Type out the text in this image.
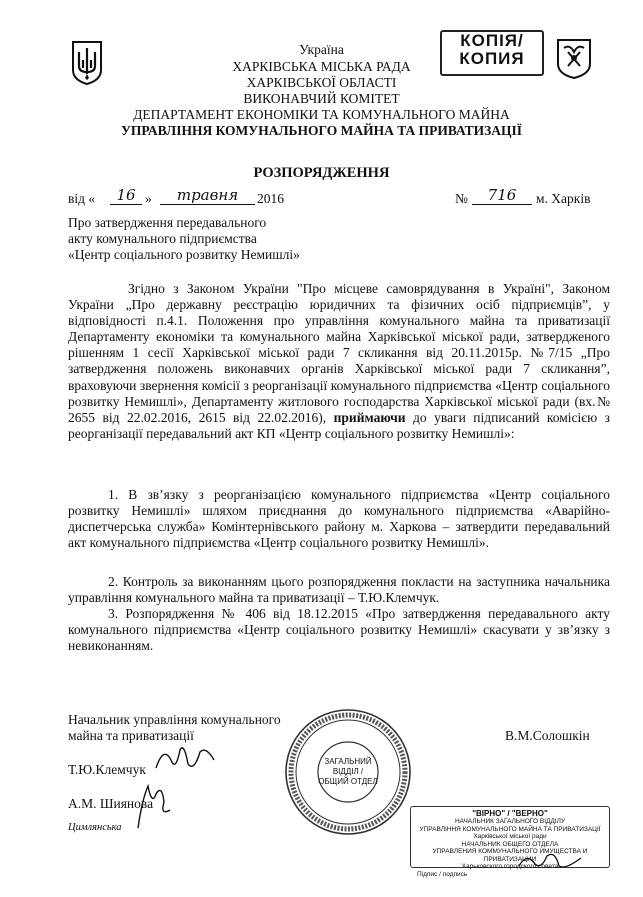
Україна
ХАРКІВСЬКА МІСЬКА РАДА
ХАРКІВСЬКОЇ ОБЛАСТІ
ВИКОНАВЧИЙ КОМІТЕТ
ДЕПАРТАМЕНТ ЕКОНОМІКИ ТА КОМУНАЛЬНОГО МАЙНА
УПРАВЛІННЯ КОМУНАЛЬНОГО МАЙНА ТА ПРИВАТИЗАЦІЇ
КОПІЯ/
КОПИЯ
РОЗПОРЯДЖЕННЯ
від «	16 »	травня	2016	№	716	м. Харків
Про затвердження передавального
акту комунального підприємства
«Центр соціального розвитку Немишлі»
Згідно з Законом України "Про місцеве самоврядування в Україні", Законом України „Про державну реєстрацію юридичних та фізичних осіб підприємців”, у відповідності п.4.1. Положення про управління комунального майна та приватизації Департаменту економіки та комунального майна Харківської міської ради, затвердженого рішенням 1 сесії Харківської міської ради 7 скликання від 20.11.2015р. №7/15 „Про затвердження положень виконавчих органів Харківської міської ради 7 скликання”, враховуючи звернення комісії з реорганізації комунального підприємства «Центр соціального розвитку Немишлі», Департаменту житлового господарства Харківської міської ради (вх.№ 2655 від 22.02.2016, 2615 від 22.02.2016), приймаючи до уваги підписаний комісією з реорганізації передавальний акт КП «Центр соціального розвитку Немишлі»:
1. В зв’язку з реорганізацією комунального підприємства «Центр соціального розвитку Немишлі» шляхом приєднання до комунального підприємства «Аварійно-диспетчерська служба» Комінтернівського району м. Харкова – затвердити передавальний акт комунального підприємства «Центр соціального розвитку Немишлі».
2. Контроль за виконанням цього розпорядження покласти на заступника начальника управління комунального майна та приватизації – Т.Ю.Клемчук.
3. Розпорядження № 406 від 18.12.2015 «Про затвердження передавального акту комунального підприємства «Центр соціального розвитку Немишлі» скасувати у зв’язку з невиконанням.
Начальник управління комунального
майна та приватизації	В.М.Солошкін
Т.Ю.Клемчук
А.М. Шиянова
Цимлянська
ЗАГАЛЬНИЙ ВІДДІЛ / ОБЩИЙ ОТДЕЛ
"ВІРНО" / "ВЕРНО"
НАЧАЛЬНИК ЗАГАЛЬНОГО ВІДДІЛУ
УПРАВЛІННЯ КОМУНАЛЬНОГО МАЙНА ТА ПРИВАТИЗАЦІЇ
Харківської міської ради
НАЧАЛЬНИК ОБЩЕГО ОТДЕЛА
УПРАВЛЕНИЯ КОММУНАЛЬНОГО ИМУЩЕСТВА И ПРИВАТИЗАЦИИ
Харьковского городского совета
Підпис / подпись
